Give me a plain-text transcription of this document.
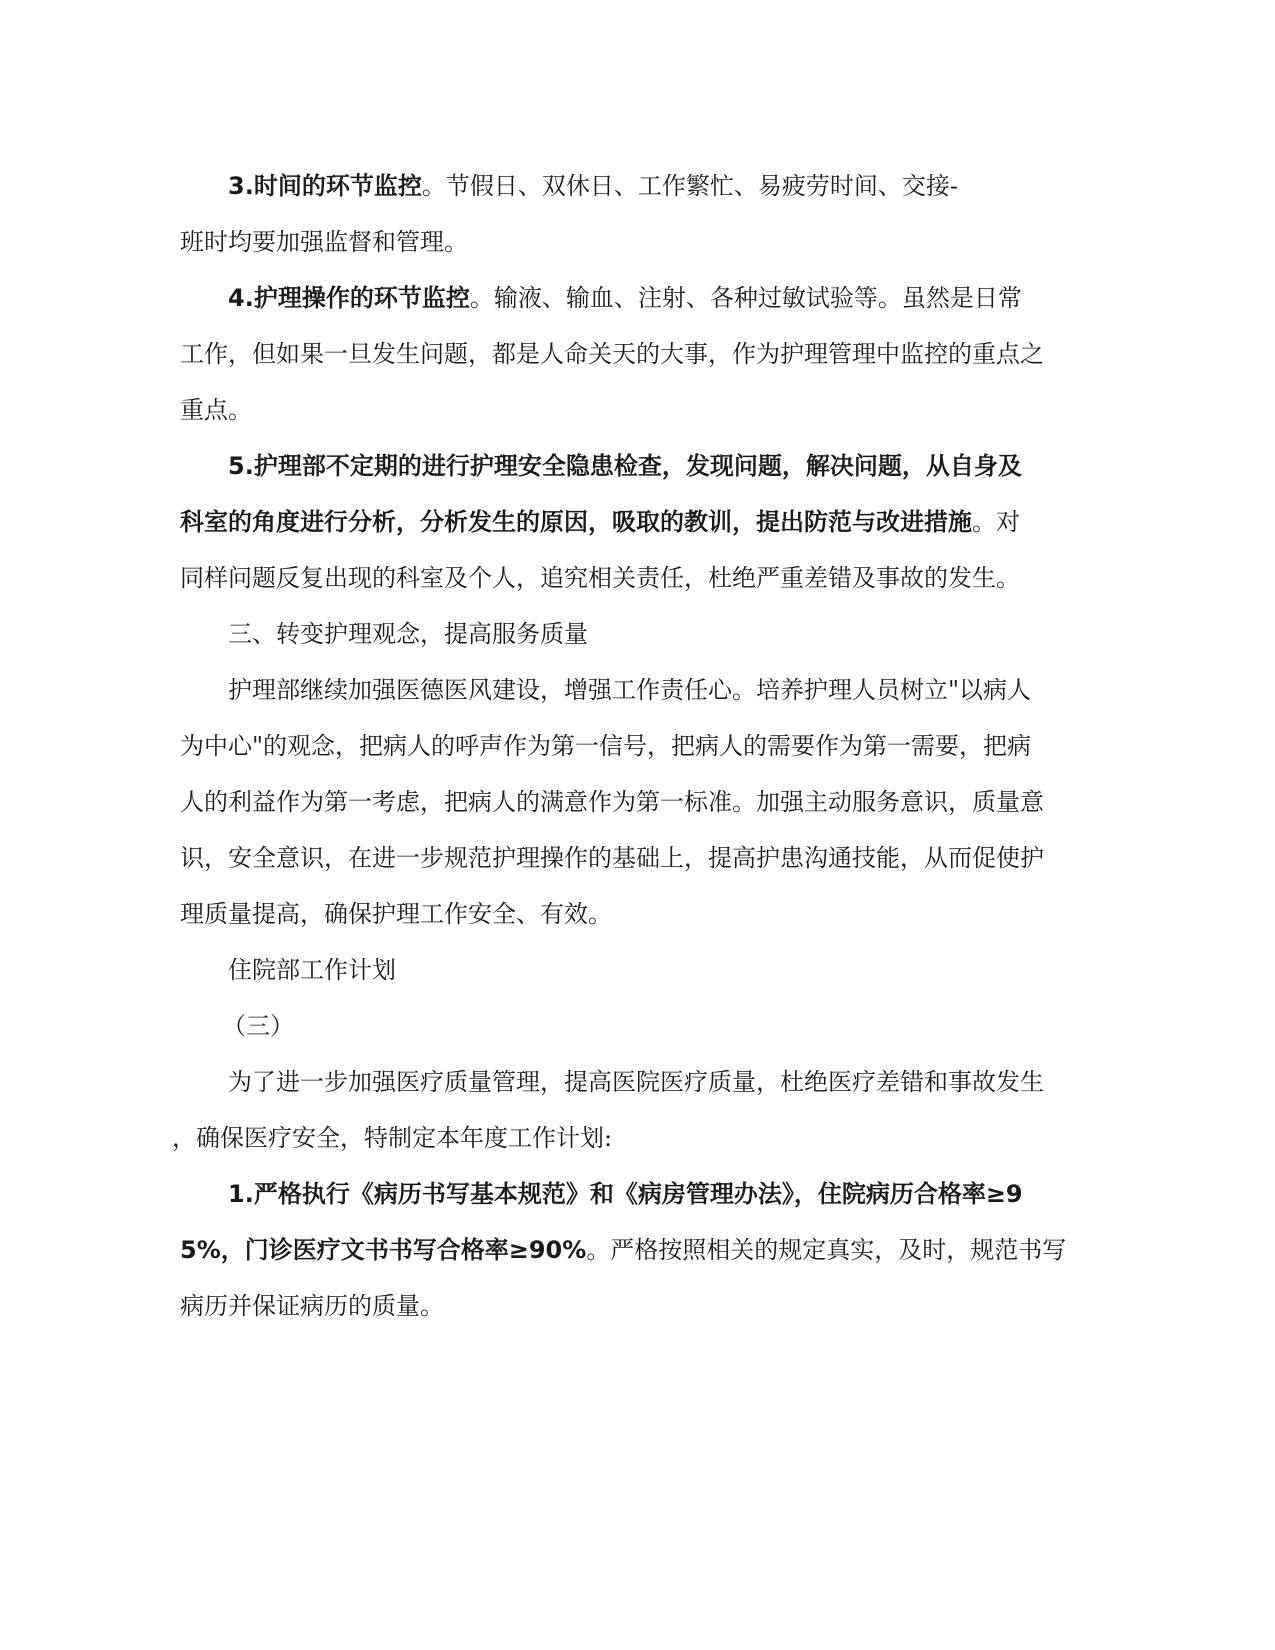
3.时间的环节监控。节假日、双休日、工作繁忙、易疲劳时间、交接-

班时均要加强监督和管理。

4.护理操作的环节监控。输液、输血、注射、各种过敏试验等。虽然是日常

工作，但如果一旦发生问题，都是人命关天的大事，作为护理管理中监控的重点之

重点。

5.护理部不定期的进行护理安全隐患检查，发现问题，解决问题，从自身及

科室的角度进行分析，分析发生的原因，吸取的教训，提出防范与改进措施。对

同样问题反复出现的科室及个人，追究相关责任，杜绝严重差错及事故的发生。

三、转变护理观念，提高服务质量

护理部继续加强医德医风建设，增强工作责任心。培养护理人员树立"以病人

为中心"的观念，把病人的呼声作为第一信号，把病人的需要作为第一需要，把病

人的利益作为第一考虑，把病人的满意作为第一标准。加强主动服务意识，质量意

识，安全意识，在进一步规范护理操作的基础上，提高护患沟通技能，从而促使护

理质量提高，确保护理工作安全、有效。

住院部工作计划

（三）

为了进一步加强医疗质量管理，提高医院医疗质量，杜绝医疗差错和事故发生

，确保医疗安全，特制定本年度工作计划:

1.严格执行《病历书写基本规范》和《病房管理办法》，住院病历合格率≥9

5%，门诊医疗文书书写合格率≥90%。严格按照相关的规定真实，及时，规范书写

病历并保证病历的质量。
